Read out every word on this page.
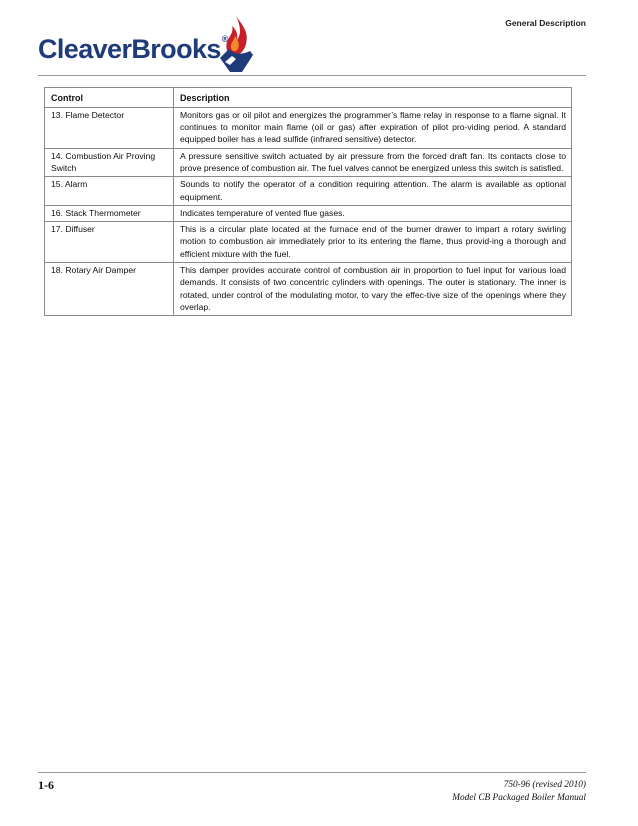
CleaverBrooks®
General Description
Control	Description
13. Flame Detector	Monitors gas or oil pilot and energizes the programmer’s flame relay in response to a flame signal. It continues to monitor main flame (oil or gas) after expiration of pilot pro-viding period. A standard equipped boiler has a lead sulfide (infrared sensitive) detector.
14. Combustion Air Proving Switch	A pressure sensitive switch actuated by air pressure from the forced draft fan. Its contacts close to prove presence of combustion air. The fuel valves cannot be energized unless this switch is satisfied.
15. Alarm	Sounds to notify the operator of a condition requiring attention. The alarm is available as optional equipment.
16. Stack Thermometer	Indicates temperature of vented flue gases.
17. Diffuser	This is a circular plate located at the furnace end of the burner drawer to impart a rotary swirling motion to combustion air immediately prior to its entering the flame, thus provid-ing a thorough and efficient mixture with the fuel.
18. Rotary Air Damper	This damper provides accurate control of combustion air in proportion to fuel input for various load demands. It consists of two concentric cylinders with openings. The outer is stationary. The inner is rotated, under control of the modulating motor, to vary the effec-tive size of the openings where they overlap.
1-6	750-96 (revised 2010)
Model CB Packaged Boiler Manual
